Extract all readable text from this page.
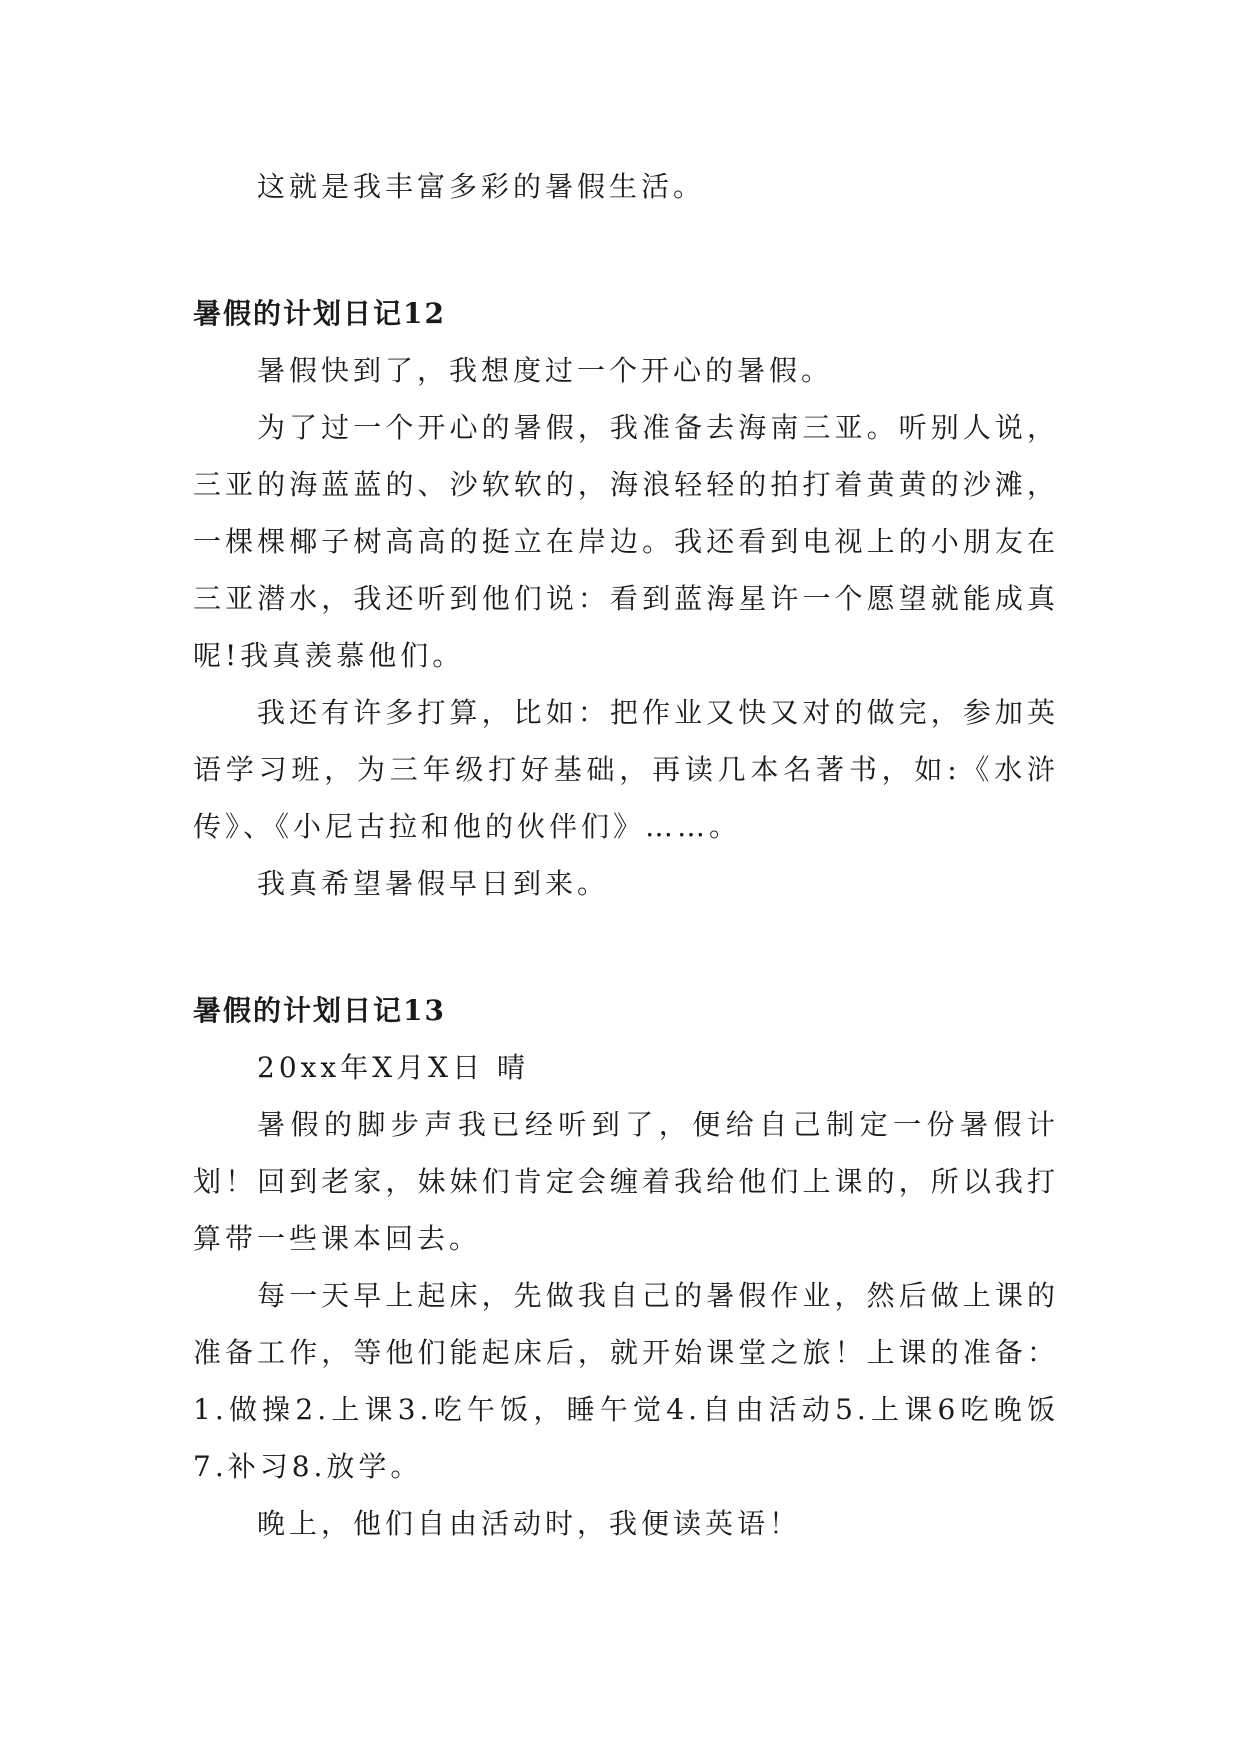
这就是我丰富多彩的暑假生活。

暑假的计划日记12

暑假快到了，我想度过一个开心的暑假。

为了过一个开心的暑假，我准备去海南三亚。听别人说，三亚的海蓝蓝的、沙软软的，海浪轻轻的拍打着黄黄的沙滩，一棵棵椰子树高高的挺立在岸边。我还看到电视上的小朋友在三亚潜水，我还听到他们说：看到蓝海星许一个愿望就能成真呢!我真羡慕他们。

我还有许多打算，比如：把作业又快又对的做完，参加英语学习班，为三年级打好基础，再读几本名著书，如:《水浒传》、《小尼古拉和他的伙伴们》……。

我真希望暑假早日到来。

暑假的计划日记13

20xx年X月X日 晴

暑假的脚步声我已经听到了，便给自己制定一份暑假计划！回到老家，妹妹们肯定会缠着我给他们上课的，所以我打算带一些课本回去。

每一天早上起床，先做我自己的暑假作业，然后做上课的准备工作，等他们能起床后，就开始课堂之旅！上课的准备：1.做操2.上课3.吃午饭，睡午觉4.自由活动5.上课6吃晚饭7.补习8.放学。

晚上，他们自由活动时，我便读英语！
